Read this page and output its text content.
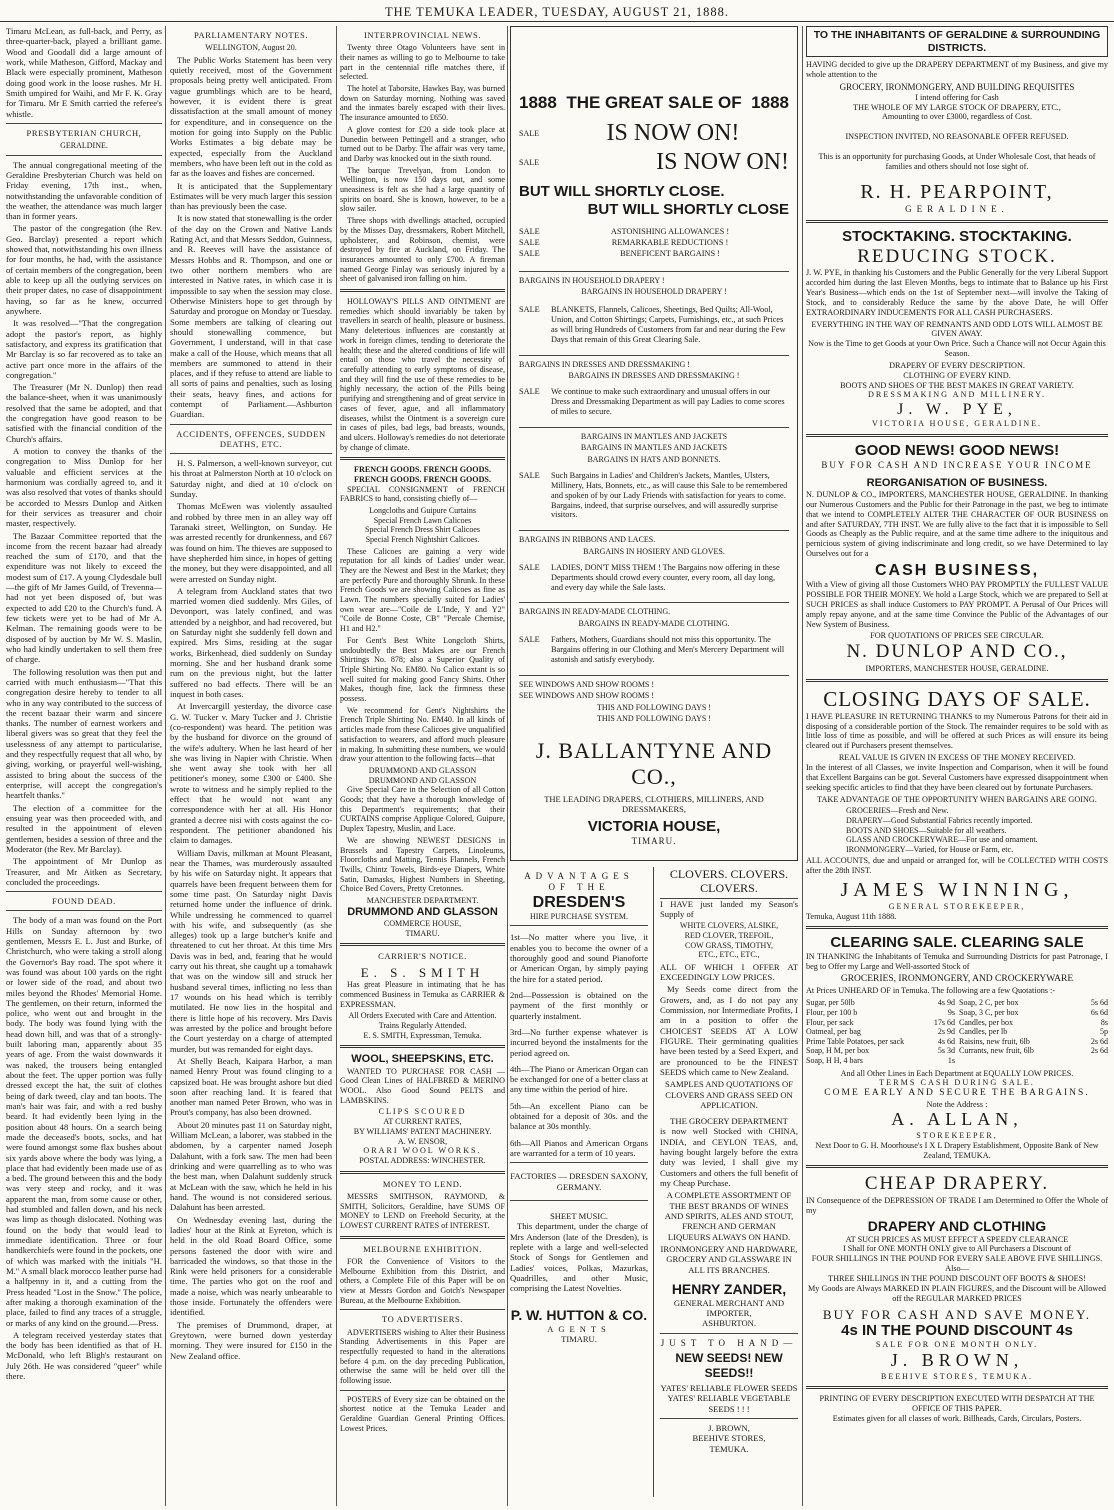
THE TEMUKA LEADER, TUESDAY, AUGUST 21, 1888.

Timaru McLean, as full-back, and Perry, as three-quarter-back, played a brilliant game. Wood and Goodall did a large amount of work, while Matheson, Gifford, Mackay and Black were especially prominent, Matheson doing good work in the loose rushes. Mr H. Smith umpired for Waihi, and Mr F. K. Gray for Timaru. Mr E Smith carried the referee's whistle.

PRESBYTERIAN CHURCH,
GERALDINE.

The annual congregational meeting of the Geraldine Presbyterian Church was held on Friday evening, 17th inst., when, notwithstanding the unfavorable condition of the weather, the attendance was much larger than in former years.

The pastor of the congregation (the Rev. Geo. Barclay) presented a report which showed that, notwithstanding his own illness for four months, he had, with the assistance of certain members of the congregation, been able to keep up all the outlying services on their proper dates, no case of disappointment having, so far as he knew, occurred anywhere.

It was resolved—"That the congregation adopt the pastor's report, as highly satisfactory, and express its gratification that Mr Barclay is so far recovered as to take an active part once more in the affairs of the congregation."

The Treasurer (Mr N. Dunlop) then read the balance-sheet, when it was unanimously resolved that the same be adopted, and that the congregation have good reason to be satisfied with the financial condition of the Church's affairs.

A motion to convey the thanks of the congregation to Miss Dunlop for her valuable and efficient services at the harmonium was cordially agreed to, and it was also resolved that votes of thanks should be accorded to Messrs Dunlop and Aitken for their services as treasurer and choir master, respectively.

The Bazaar Committee reported that the income from the recent bazaar had already reached the sum of £170, and that the expenditure was not likely to exceed the modest sum of £17. A young Clydesdale bull—the gift of Mr James Guild, of Trevenna—had not yet been disposed of, but was expected to add £20 to the Church's fund. A few tickets were yet to be had of Mr A. Kelman. The remaining goods were to be disposed of by auction by Mr W. S. Maslin, who had kindly undertaken to sell them free of charge.

The following resolution was then put and carried with much enthusiasm—"That this congregation desire hereby to tender to all who in any way contributed to the success of the recent bazaar their warm and sincere thanks. The number of earnest workers and liberal givers was so great that they feel the uselessness of any attempt to particularise, and they respectfully request that all who, by giving, working, or prayerful well-wishing, assisted to bring about the success of the enterprise, will accept the congregation's heartfelt thanks."

The election of a committee for the ensuing year was then proceeded with, and resulted in the appointment of eleven gentlemen, besides a session of three and the Moderator (the Rev. Mr Barclay).

The appointment of Mr Dunlop as Treasurer, and Mr Aitken as Secretary, concluded the proceedings.

FOUND DEAD.

The body of a man was found on the Port Hills on Sunday afternoon by two gentlemen, Messrs E. L. Just and Burke, of Christchurch, who were taking a stroll along the Governor's Bay road. The spot where it was found was about 100 yards on the right or lower side of the road, and about two miles beyond the Rhodes' Memorial Home. The gentlemen, on their return, informed the police, who went out and brought in the body. The body was found lying with the head down hill, and was that of a strongly-built laboring man, apparently about 35 years of age. From the waist downwards it was naked, the trousers being entangled about the feet. The upper portion was fully dressed except the hat, the suit of clothes being of dark tweed, clay and tan boots. The man's hair was fair, and with a red bushy beard. It had evidently been lying in the position about 48 hours. On a search being made the deceased's boots, socks, and hat were found amongst some flax bushes about six yards above where the body was lying, a place that had evidently been made use of as a bed. The ground between this and the body was very steep and rocky, and it was apparent the man, from some cause or other, had stumbled and fallen down, and his neck was limp as though dislocated. Nothing was found on the body that would lead to immediate identification. Three or four handkerchiefs were found in the pockets, one of which was marked with the initials "H. M." A small black morocco leather purse had a halfpenny in it, and a cutting from the Press headed "Lost in the Snow." The police, after making a thorough examination of the place, failed to find any traces of a struggle, or marks of any kind on the ground.—Press.

A telegram received yesterday states that the body has been identified as that of H. McDonald, who left Bligh's restaurant on July 26th. He was considered "queer" while there.

PARLIAMENTARY NOTES.
WELLINGTON, August 20.

The Public Works Statement has been very quietly received, most of the Government proposals being pretty well anticipated. From vague grumblings which are to be heard, however, it is evident there is great dissatisfaction at the small amount of money for expenditure, and in consequence on the motion for going into Supply on the Public Works Estimates a big debate may be expected, especially from the Auckland members, who have been left out in the cold as far as the loaves and fishes are concerned.

It is anticipated that the Supplementary Estimates will be very much larger this session than has previously been the case.

It is now stated that stonewalling is the order of the day on the Crown and Native Lands Rating Act, and that Messrs Seddon, Guinness, and R. Reeves will have the assistance of Messrs Hobbs and R. Thompson, and one or two other northern members who are interested in Native rates, in which case it is impossible to say when the session may close. Otherwise Ministers hope to get through by Saturday and prorogue on Monday or Tuesday. Some members are talking of clearing out should stonewalling commence, but Government, I understand, will in that case make a call of the House, which means that all members are summoned to attend in their places, and if they refuse to attend are liable to all sorts of pains and penalties, such as losing their seats, heavy fines, and actions for contempt of Parliament.—Ashburton Guardian.

ACCIDENTS, OFFENCES, SUDDEN DEATHS, ETC.

H. S. Palmerson, a well-known surveyor, cut his throat at Palmerston North at 10 o'clock on Saturday night, and died at 10 o'clock on Sunday.

Thomas McEwen was violently assaulted and robbed by three men in an alley way off Taranaki street, Wellington, on Sunday. He was arrested recently for drunkenness, and £67 was found on him. The thieves are supposed to have shepherded him since, in hopes of getting the money, but they were disappointed, and all were arrested on Sunday night.

A telegram from Auckland states that two married women died suddenly. Mrs Giles, of Devonport, was lately confined, and was attended by a neighbor, and had recovered, but on Saturday night she suddenly fell down and expired. Mrs Sims, residing at the sugar works, Birkenhead, died suddenly on Sunday morning. She and her husband drank some rum on the previous night, but the latter suffered no bad effects. There will be an inquest in both cases.

At Invercargill yesterday, the divorce case G. W. Tucker v. Mary Tucker and J. Christie (co-respondent) was heard. The petition was by the husband for divorce on the ground of the wife's adultery. When he last heard of her she was living in Napier with Christie. When she went away she took with her all petitioner's money, some £300 or £400. She wrote to witness and he simply replied to the effect that he would not want any correspondence with her at all. His Honor granted a decree nisi with costs against the co-respondent. The petitioner abandoned his claim to damages.

William Davis, milkman at Mount Pleasant, near the Thames, was murderously assaulted by his wife on Saturday night. It appears that quarrels have been frequent between them for some time past. On Saturday night Davis returned home under the influence of drink. While undressing he commenced to quarrel with his wife, and subsequently (as she alleges) took up a large butcher's knife and threatened to cut her throat. At this time Mrs Davis was in bed, and, fearing that he would carry out his threat, she caught up a tomahawk that was on the window sill and struck her husband several times, inflicting no less than 17 wounds on his head which is terribly mutilated. He now lies in the hospital and there is little hope of his recovery. Mrs Davis was arrested by the police and brought before the Court yesterday on a charge of attempted murder, but was remanded for eight days.

At Shelly Beach, Kaipara Harbor, a man named Henry Prout was found clinging to a capsized boat. He was brought ashore but died soon after reaching land. It is feared that another man named Peter Brown, who was in Prout's company, has also been drowned.

About 20 minutes past 11 on Saturday night, William McLean, a laborer, was stabbed in the abdomen, by a carpenter named Joseph Dalahunt, with a fork saw. The men had been drinking and were quarrelling as to who was the best man, when Dalahunt suddenly struck at McLean with the saw, which he held in his hand. The wound is not considered serious. Dalahunt has been arrested.

On Wednesday evening last, during the ladies' hour at the Rink at Eyreton, which is held in the old Road Board Office, some persons fastened the door with wire and barricaded the windows, so that those in the Rink were held prisoners for a considerable time. The parties who got on the roof and made a noise, which was nearly unbearable to those inside. Fortunately the offenders were identified.

The premises of Drummond, draper, at Greytown, were burned down yesterday morning. They were insured for £150 in the New Zealand office.

INTERPROVINCIAL NEWS.

Twenty three Otago Volunteers have sent in their names as willing to go to Melbourne to take part in the centennial rifle matches there, if selected.

The hotel at Taborsite, Hawkes Bay, was burned down on Saturday morning. Nothing was saved and the inmates barely escaped with their lives. The insurance amounted to £650.

A glove contest for £20 a side took place at Dunedin between Pettingell and a stranger, who turned out to be Darby. The affair was very tame, and Darby was knocked out in the sixth round.

The barque Trevelyan, from London to Wellington, is now 150 days out, and some uneasiness is felt as she had a large quantity of spirits on board. She is known, however, to be a slow sailer.

Three shops with dwellings attached, occupied by the Misses Day, dressmakers, Robert Mitchell, upholsterer, and Robinson, chemist, were destroyed by fire at Auckland, on Friday. The insurances amounted to only £700. A fireman named George Finlay was seriously injured by a sheet of galvanised iron falling on him.

HOLLOWAY'S PILLS AND OINTMENT are remedies which should invariably be taken by travellers in search of health, pleasure or business. Many deleterious influences are constantly at work in foreign climes, tending to deteriorate the health; these and the altered conditions of life will entail on those who travel the necessity of carefully attending to early symptoms of disease, and they will find the use of these remedies to be highly necessary, the action of the Pills being purifying and strengthening and of great service in cases of fever, ague, and all inflammatory diseases, whilst the Ointment is a sovereign cure in cases of piles, bad legs, bad breasts, wounds, and ulcers. Holloway's remedies do not deteriorate by change of climate.

FRENCH GOODS. FRENCH GOODS.
FRENCH GOODS. FRENCH GOODS.

SPECIAL CONSIGNMENT of FRENCH FABRICS to hand, consisting chiefly of—

Longcloths and Guipure Curtains
Special French Lawn Calicoes
Special French Dress Shirt Calicoes
Special French Nightshirt Calicoes.

These Calicoes are gaining a very wide reputation for all kinds of Ladies' under wear. They are the Newest and Best in the Market; they are perfectly Pure and thoroughly Shrunk. In these French Goods we are showing Calicoes as fine as Lawn. The numbers specially suited for Ladies' own wear are—"Coile de L'Inde, Y and Y2" "Coile de Bonne Coste, CB" "Percale Chemise, H1 and H2."

For Gent's Best White Longcloth Shirts, undoubtedly the Best Makes are our French Shirtings No. 878; also a Superior Quality of Triple Shirting No. EM80. No Calico extant is so well suited for making good Fancy Shirts. Other Makes, though fine, lack the firmness these possess.

We recommend for Gent's Nightshirts the French Triple Shirting No. EM40. In all kinds of articles made from these Calicoes give unqualified satisfaction to wearers, and afford much pleasure in making. In submitting these numbers, we would draw your attention to the following facts—that

DRUMMOND AND GLASSON
DRUMMOND AND GLASSON

Give Special Care in the Selection of all Cotton Goods; that they have a thorough knowledge of this Department's requirements; that their CURTAINS comprise Applique Colored, Guipure, Duplex Tapestry, Muslin, and Lace.

We are showing NEWEST DESIGNS in Brussels and Tapestry Carpets, Linoleums, Floorcloths and Matting, Tennis Flannels, French Twills, Chintz Towels, Birds-eye Diapers, White Satin, Damasks, Highest Numbers in Sheeting, Choice Bed Covers, Pretty Cretonnes.

MANCHESTER DEPARTMENT.
DRUMMOND AND GLASSON
COMMERCE HOUSE,
TIMARU.
CARRIER'S NOTICE.
E. S. SMITH

Has great Pleasure in intimating that he has commenced Business in Temuka as CARRIER & EXPRESSMAN.

All Orders Executed with Care and Attention.
Trains Regularly Attended.
E. S. SMITH, Expressman, Temuka.
WOOL, SHEEPSKINS, ETC.

WANTED TO PURCHASE FOR CASH — Good Clean Lines of HALFBRED & MERINO WOOL. Also Good Sound PELTS and LAMBSKINS.

CLIPS SCOURED
AT CURRENT RATES,
BY WILLIAMS' PATENT MACHINERY.
A. W. ENSOR,
ORARI WOOL WORKS.
POSTAL ADDRESS: WINCHESTER.
MONEY TO LEND.

MESSRS SMITHSON, RAYMOND, & SMITH, Solicitors, Geraldine, have SUMS OF MONEY to LEND on Freehold Security, at the LOWEST CURRENT RATES of INTEREST.

MELBOURNE EXHIBITION.

FOR the Convenience of Visitors to the Melbourne Exhibition from this District, and others, a Complete File of this Paper will be on view at Messrs Gordon and Gotch's Newspaper Bureau, at the Melbourne Exhibition.

TO ADVERTISERS.

ADVERTISERS wishing to Alter their Business Standing Advertisements in this Paper are respectfully requested to hand in the alterations before 4 p.m. on the day preceding Publication, otherwise the same will be held over till the following issue.

POSTERS of Every size can be obtained on the shortest notice at the Temuka Leader and Geraldine Guardian General Printing Offices. Lowest Prices.

1888 THE GREAT SALE OF 1888
SALE	IS NOW ON!
SALE	IS NOW ON!
BUT WILL SHORTLY CLOSE.
BUT WILL SHORTLY CLOSE
SALE	ASTONISHING ALLOWANCES !
SALE	REMARKABLE REDUCTIONS !
SALE	BENEFICENT BARGAINS !
BARGAINS IN HOUSEHOLD DRAPERY !
BARGAINS IN HOUSEHOLD DRAPERY !
SALE	BLANKETS, Flannels, Calicoes, Sheetings, Bed Quilts; All-Wool, Union, and Cotton Shirtings; Carpets, Furnishings, etc., at such Prices as will bring Hundreds of Customers from far and near during the Few Days that remain of this Great Clearing Sale.
BARGAINS IN DRESSES AND DRESSMAKING !
BARGAINS IN DRESSES AND DRESSMAKING !
SALE	We continue to make such extraordinary and unusual offers in our Dress and Dressmaking Department as will pay Ladies to come scores of miles to secure.
BARGAINS IN MANTLES AND JACKETS
BARGAINS IN MANTLES AND JACKETS
BARGAINS IN HATS AND BONNETS.
SALE	Such Bargains in Ladies' and Children's Jackets, Mantles, Ulsters, Millinery, Hats, Bonnets, etc., as will cause this Sale to be remembered and spoken of by our Lady Friends with satisfaction for years to come. Bargains, indeed, that surprise ourselves, and will assuredly surprise visitors.
BARGAINS IN RIBBONS AND LACES.
BARGAINS IN HOSIERY AND GLOVES.
SALE	LADIES, DON'T MISS THEM ! The Bargains now offering in these Departments should crowd every counter, every room, all day long, and every day while the Sale lasts.
BARGAINS IN READY-MADE CLOTHING.
BARGAINS IN READY-MADE CLOTHING.
SALE	Fathers, Mothers, Guardians should not miss this opportunity. The Bargains offering in our Clothing and Men's Mercery Department will astonish and satisfy everybody.
SEE WINDOWS AND SHOW ROOMS !
SEE WINDOWS AND SHOW ROOMS !
THIS AND FOLLOWING DAYS !
THIS AND FOLLOWING DAYS !
J. BALLANTYNE AND CO.,
THE LEADING DRAPERS, CLOTHIERS, MILLINERS, AND DRESSMAKERS,
VICTORIA HOUSE,
TIMARU.
ADVANTAGES OF THE
DRESDEN'S
HIRE PURCHASE SYSTEM.

1st—No matter where you live, it enables you to become the owner of a thoroughly good and sound Pianoforte or American Organ, by simply paying the hire for a stated period.

2nd—Possession is obtained on the payment of the first monthly or quarterly instalment.

3rd—No further expense whatever is incurred beyond the instalments for the period agreed on.

4th—The Piano or American Organ can be exchanged for one of a better class at any time within the period of hire.

5th—An excellent Piano can be obtained for a deposit of 30s. and the balance at 30s monthly.

6th—All Pianos and American Organs are warranted for a term of 10 years.

FACTORIES — DRESDEN SAXONY, GERMANY.
SHEET MUSIC.

This department, under the charge of Mrs Anderson (late of the Dresden), is replete with a large and well-selected Stock of Songs for Gentlemen and Ladies' voices, Polkas, Mazurkas, Quadrilles, and other Music, comprising the Latest Novelties.

P. W. HUTTON & CO.
AGENTS
TIMARU.
CLOVERS. CLOVERS. CLOVERS.

I HAVE just landed my Season's Supply of

WHITE CLOVERS, ALSIKE,
RED CLOVER, TREFOIL,
COW GRASS, TIMOTHY,
ETC., ETC., ETC.,

ALL OF WHICH I OFFER AT EXCEEDINGLY LOW PRICES.

My Seeds come direct from the Growers, and, as I do not pay any Commission, nor Intermediate Profits, I am in a position to offer the CHOICEST SEEDS AT A LOW FIGURE. Their germinating qualities have been tested by a Seed Expert, and are pronounced to be the FINEST SEEDS which came to New Zealand.

SAMPLES AND QUOTATIONS OF CLOVERS AND GRASS SEED ON APPLICATION.

THE GROCERY DEPARTMENT

is now well Stocked with CHINA, INDIA, and CEYLON TEAS, and, having bought largely before the extra duty was levied, I shall give my Customers and others the full benefit of my Cheap Purchase.

A COMPLETE ASSORTMENT OF THE BEST BRANDS OF WINES AND SPIRITS, ALES AND STOUT, FRENCH AND GERMAN LIQUEURS ALWAYS ON HAND.

IRONMONGERY AND HARDWARE, GROCERY AND GLASSWARE IN ALL ITS BRANCHES.

HENRY ZANDER,
GENERAL MERCHANT AND IMPORTER,
ASHBURTON.
JUST TO HAND—
NEW SEEDS! NEW SEEDS!!
YATES' RELIABLE FLOWER SEEDS
YATES' RELIABLE VEGETABLE SEEDS ! ! !
J. BROWN,
BEEHIVE STORES,
TEMUKA.
TO THE INHABITANTS OF GERALDINE & SURROUNDING DISTRICTS.

HAVING decided to give up the DRAPERY DEPARTMENT of my Business, and give my whole attention to the

GROCERY, IRONMONGERY, AND BUILDING REQUISITES
I intend offering for Cash
THE WHOLE OF MY LARGE STOCK OF DRAPERY, ETC.,
Amounting to over £3000, regardless of Cost.
INSPECTION INVITED, NO REASONABLE OFFER REFUSED.

This is an opportunity for purchasing Goods, at Under Wholesale Cost, that heads of families and others should not lose sight of.

R. H. PEARPOINT,
GERALDINE.
STOCKTAKING. STOCKTAKING.
REDUCING STOCK.

J. W. PYE, in thanking his Customers and the Public Generally for the very Liberal Support accorded him during the last Eleven Months, begs to intimate that to Balance up his First Year's Business—which ends on the 1st of September next—will involve the Taking of Stock, and to considerably Reduce the same by the above Date, he will Offer EXTRAORDINARY INDUCEMENTS FOR ALL CASH PURCHASERS.

EVERYTHING IN THE WAY OF REMNANTS AND ODD LOTS WILL ALMOST BE GIVEN AWAY.

Now is the Time to get Goods at your Own Price. Such a Chance will not Occur Again this Season.

DRAPERY OF EVERY DESCRIPTION.
CLOTHING OF EVERY KIND.
BOOTS AND SHOES OF THE BEST MAKES IN GREAT VARIETY.
DRESSMAKING AND MILLINERY.
J. W. PYE,
VICTORIA HOUSE, GERALDINE.
GOOD NEWS! GOOD NEWS!
BUY FOR CASH AND INCREASE YOUR INCOME
REORGANISATION OF BUSINESS.

N. DUNLOP & CO., IMPORTERS, MANCHESTER HOUSE, GERALDINE. In thanking our Numerous Customers and the Public for their Patronage in the past, we beg to intimate that we intend to COMPLETELY ALTER THE CHARACTER OF OUR BUSINESS on and after SATURDAY, 7TH INST. We are fully alive to the fact that it is impossible to Sell Goods as Cheaply as the Public require, and at the same time adhere to the iniquitous and pernicious system of giving indiscriminate and long credit, so we have Determined to lay Ourselves out for a

CASH BUSINESS,

With a View of giving all those Customers WHO PAY PROMPTLY the FULLEST VALUE POSSIBLE FOR THEIR MONEY. We hold a Large Stock, which we are prepared to Sell at SUCH PRICES as shall induce Customers to PAY PROMPT. A Perusal of Our Prices will amply repay anyone, and at the same time Convince the Public of the Advantages of our New System of Business.

FOR QUOTATIONS OF PRICES SEE CIRCULAR.
N. DUNLOP AND CO.,
IMPORTERS, MANCHESTER HOUSE, GERALDINE.
CLOSING DAYS OF SALE.

I HAVE PLEASURE IN RETURNING THANKS to my Numerous Patrons for their aid in disposing of a considerable portion of the Stock. The remainder requires to be sold with as little loss of time as possible, and will be offered at such Prices as will ensure its being cleared out if Purchasers present themselves.

REAL VALUE IS GIVEN IN EXCESS OF THE MONEY RECEIVED.

In the interest of all Classes, we invite Inspection and Comparison, when it will be found that Excellent Bargains can be got. Several Customers have expressed disappointment when seeking specific articles to find that they have been cleared out by fortunate Purchasers.

TAKE ADVANTAGE OF THE OPPORTUNITY WHEN BARGAINS ARE GOING.
GROCERIES—Fresh and New.
DRAPERY—Good Substantial Fabrics recently imported.
BOOTS AND SHOES—Suitable for all weathers.
GLASS AND CROCKERYWARE—For use and ornament.
IRONMONGERY—Varied, for House or Farm, etc.

ALL ACCOUNTS, due and unpaid or arranged for, will be COLLECTED WITH COSTS after the 28th INST.

JAMES WINNING,
GENERAL STOREKEEPER,
Temuka, August 11th 1888.
CLEARING SALE. CLEARING SALE

IN THANKING the Inhabitants of Temuka and Surrounding Districts for past Patronage, I beg to Offer my Large and Well-assorted Stock of

GROCERIES, IRONMONGERY, AND CROCKERYWARE
At Prices UNHEARD OF in Temuka. The following are a few Quotations :-
Sugar, per 50lb	4s 9d Soap, 2 C, per box	5s 6d
Flour, per 100 b	9s Soap, 3 C, per box	6s 6d
Flour, per sack	17s 6d Candles, per box	8s
Oatmeal, per bag	2s 9d Candles, per lb	5p
Prime Table Potatoes, per sack	4s 6d Raisins, new fruit, 6lb	2s 6d
Soap, H M, per box	5s 3d Currants, new fruit, 6lb	2s 6d
Soap, H H, 4 bars	1s
And all Other Lines in Each Department at EQUALLY LOW PRICES.
TERMS CASH DURING SALE.
COME EARLY AND SECURE THE BARGAINS.
Note the Address :
A. ALLAN,
STOREKEEPER,
Next Door to G. H. Moorhouse's I X L Drapery Establishment, Opposite Bank of New Zealand, TEMUKA.
CHEAP DRAPERY.

IN Consequence of the DEPRESSION OF TRADE I am Determined to Offer the Whole of my

DRAPERY AND CLOTHING
AT SUCH PRICES AS MUST EFFECT A SPEEDY CLEARANCE
I Shall for ONE MONTH ONLY give to All Purchasers a Discount of
FOUR SHILLINGS IN THE POUND FOR EVERY SALE ABOVE FIVE SHILLINGS.
Also—
THREE SHILLINGS IN THE POUND DISCOUNT OFF BOOTS & SHOES!
My Goods are Always MARKED IN PLAIN FIGURES, and the Discount will be Allowed off the REGULAR MARKED PRICES
BUY FOR CASH AND SAVE MONEY.
4s IN THE POUND DISCOUNT 4s
SALE FOR ONE MONTH ONLY.
J. BROWN,
BEEHIVE STORES, TEMUKA.
PRINTING OF EVERY DESCRIPTION EXECUTED WITH DESPATCH AT THE OFFICE OF THIS PAPER.
Estimates given for all classes of work. Billheads, Cards, Circulars, Posters.
